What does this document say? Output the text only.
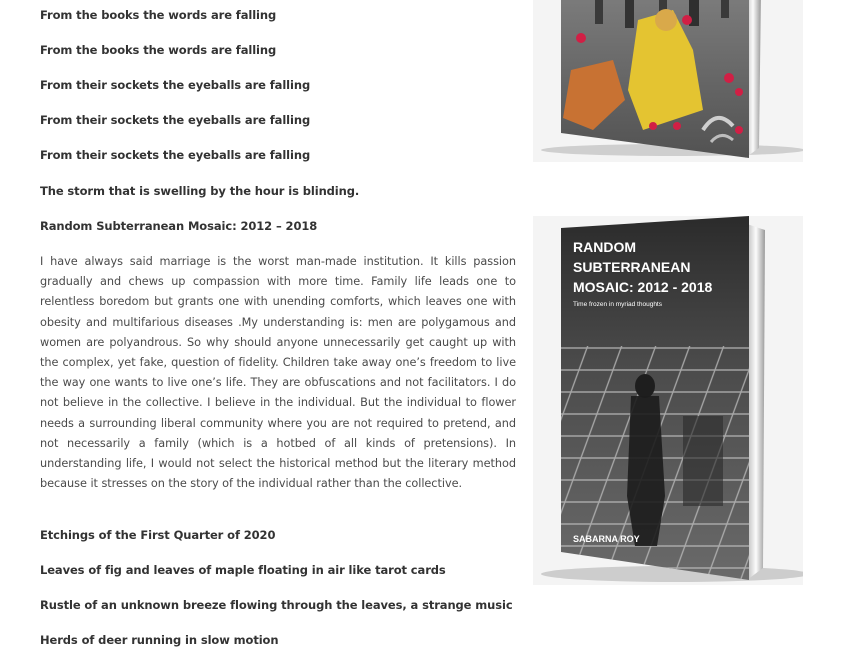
From the books the words are falling
From the books the words are falling
From their sockets the eyeballs are falling
From their sockets the eyeballs are falling
From their sockets the eyeballs are falling
The storm that is swelling by the hour is blinding.
Random Subterranean Mosaic: 2012 – 2018
I have always said marriage is the worst man-made institution. It kills passion gradually and chews up compassion with more time. Family life leads one to relentless boredom but grants one with unending comforts, which leaves one with obesity and multifarious diseases .My understanding is: men are polygamous and women are polyandrous. So why should anyone unnecessarily get caught up with the complex, yet fake, question of fidelity. Children take away one’s freedom to live the way one wants to live one’s life. They are obfuscations and not facilitators. I do not believe in the collective. I believe in the individual. But the individual to flower needs a surrounding liberal community where you are not required to pretend, and not necessarily a family (which is a hotbed of all kinds of pretensions). In understanding life, I would not select the historical method but the literary method because it stresses on the story of the individual rather than the collective.
Etchings of the First Quarter of 2020
Leaves of fig and leaves of maple floating in air like tarot cards
Rustle of an unknown breeze flowing through the leaves, a strange music
Herds of deer running in slow motion
RANDOM
SUBTERRANEAN
MOSAIC: 2012 - 2018
Time frozen in myriad thoughts
SABARNA ROY
